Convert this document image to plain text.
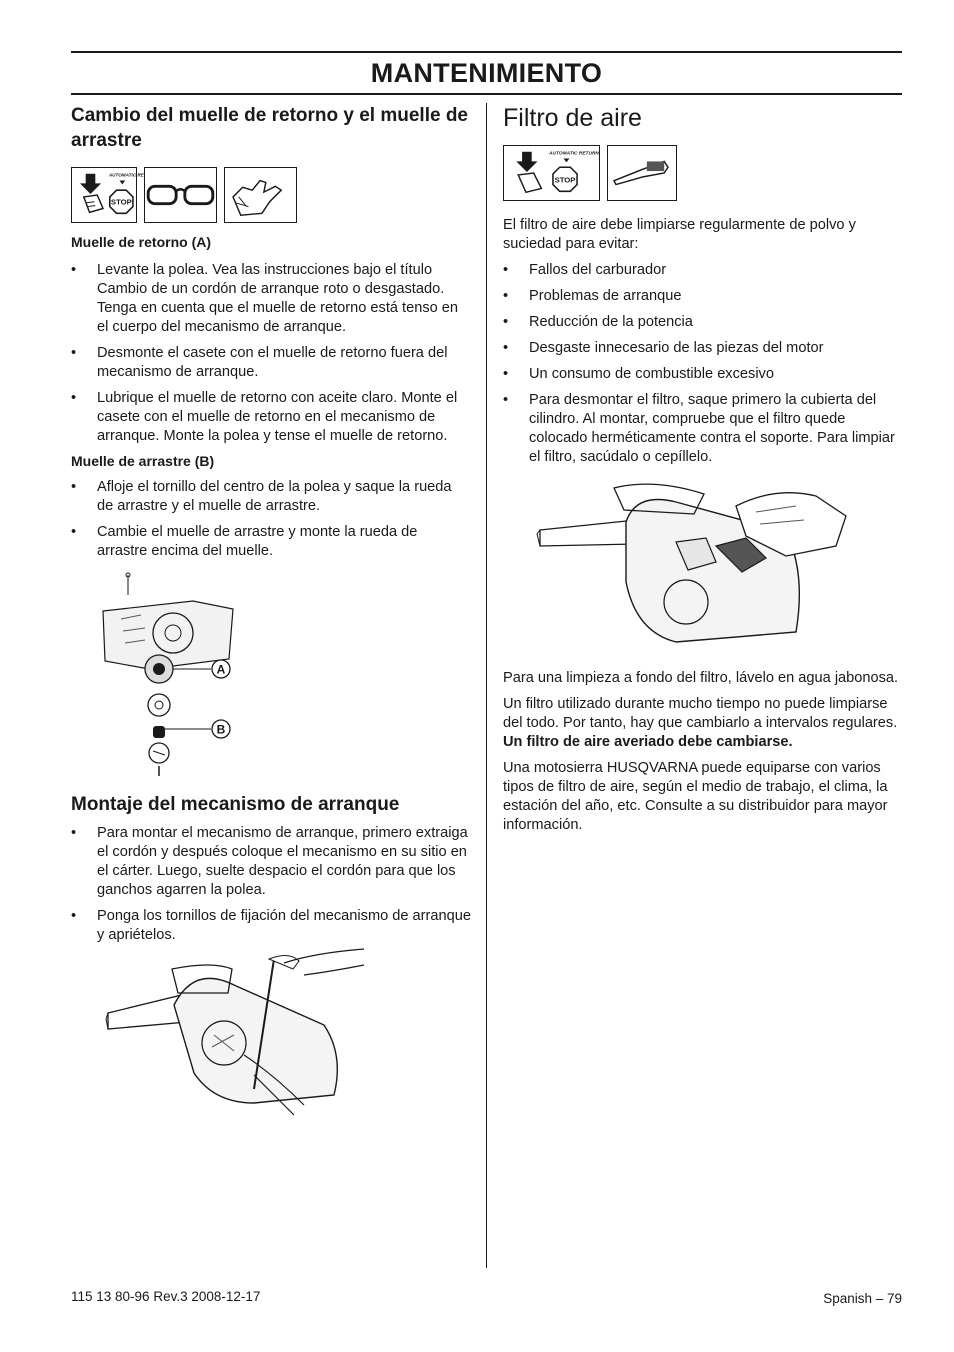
MANTENIMIENTO
Cambio del muelle de retorno y el muelle de arrastre
AUTOMATIC RETURN
STOP
Muelle de retorno (A)
• Levante la polea. Vea las instrucciones bajo el título Cambio de un cordón de arranque roto o desgastado. Tenga en cuenta que el muelle de retorno está tenso en el cuerpo del mecanismo de arranque.
• Desmonte el casete con el muelle de retorno fuera del mecanismo de arranque.
• Lubrique el muelle de retorno con aceite claro. Monte el casete con el muelle de retorno en el mecanismo de arranque. Monte la polea y tense el muelle de retorno.
Muelle de arrastre (B)
• Afloje el tornillo del centro de la polea y saque la rueda de arrastre y el muelle de arrastre.
• Cambie el muelle de arrastre y monte la rueda de arrastre encima del muelle.
A
B
Montaje del mecanismo de arranque
• Para montar el mecanismo de arranque, primero extraiga el cordón y después coloque el mecanismo en su sitio en el cárter. Luego, suelte despacio el cordón para que los ganchos agarren la polea.
• Ponga los tornillos de fijación del mecanismo de arranque y apriételos.
Filtro de aire
AUTOMATIC RETURN
STOP

El filtro de aire debe limpiarse regularmente de polvo y suciedad para evitar:

• Fallos del carburador
• Problemas de arranque
• Reducción de la potencia
• Desgaste innecesario de las piezas del motor
• Un consumo de combustible excesivo
• Para desmontar el filtro, saque primero la cubierta del cilindro. Al montar, compruebe que el filtro quede colocado herméticamente contra el soporte. Para limpiar el filtro, sacúdalo o cepíllelo.

Para una limpieza a fondo del filtro, lávelo en agua jabonosa.

Un filtro utilizado durante mucho tiempo no puede limpiarse del todo. Por tanto, hay que cambiarlo a intervalos regulares. Un filtro de aire averiado debe cambiarse.

Una motosierra HUSQVARNA puede equiparse con varios tipos de filtro de aire, según el medio de trabajo, el clima, la estación del año, etc. Consulte a su distribuidor para mayor información.

115 13 80-96 Rev.3 2008-12-17	Spanish – 79
